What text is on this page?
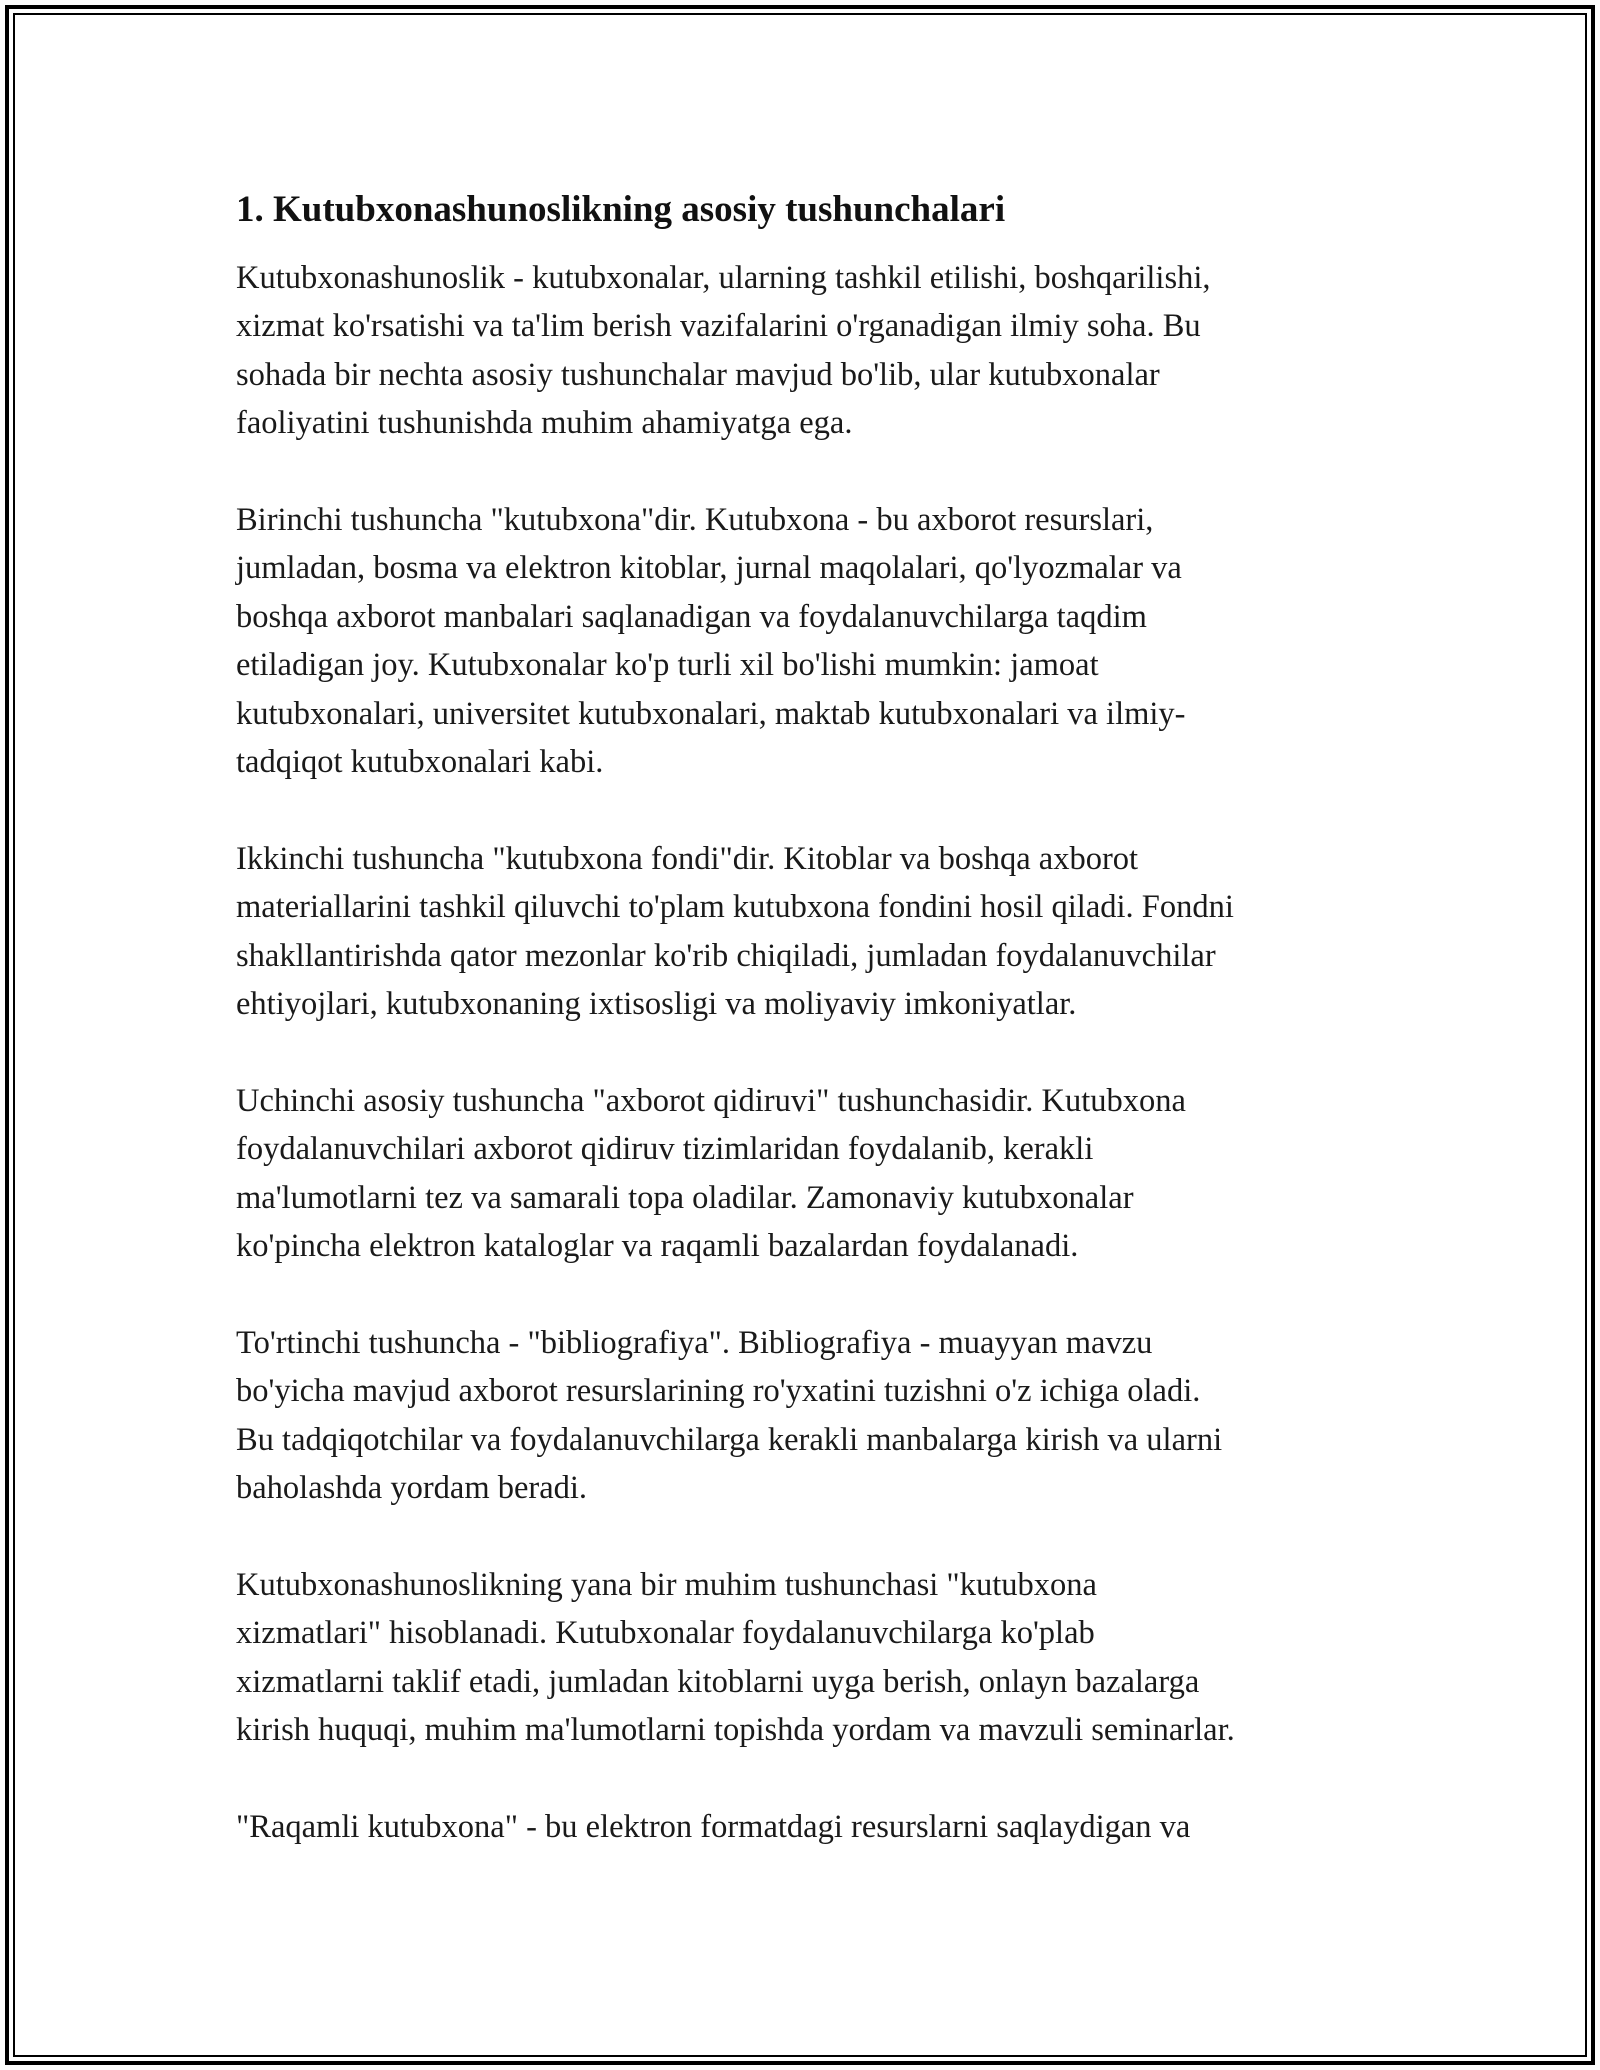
1. Kutubxonashunoslikning asosiy tushunchalari

Kutubxonashunoslik - kutubxonalar, ularning tashkil etilishi, boshqarilishi,
xizmat ko'rsatishi va ta'lim berish vazifalarini o'rganadigan ilmiy soha. Bu
sohada bir nechta asosiy tushunchalar mavjud bo'lib, ular kutubxonalar
faoliyatini tushunishda muhim ahamiyatga ega.

Birinchi tushuncha "kutubxona"dir. Kutubxona - bu axborot resurslari,
jumladan, bosma va elektron kitoblar, jurnal maqolalari, qo'lyozmalar va
boshqa axborot manbalari saqlanadigan va foydalanuvchilarga taqdim
etiladigan joy. Kutubxonalar ko'p turli xil bo'lishi mumkin: jamoat
kutubxonalari, universitet kutubxonalari, maktab kutubxonalari va ilmiy-
tadqiqot kutubxonalari kabi.

Ikkinchi tushuncha "kutubxona fondi"dir. Kitoblar va boshqa axborot
materiallarini tashkil qiluvchi to'plam kutubxona fondini hosil qiladi. Fondni
shakllantirishda qator mezonlar ko'rib chiqiladi, jumladan foydalanuvchilar
ehtiyojlari, kutubxonaning ixtisosligi va moliyaviy imkoniyatlar.

Uchinchi asosiy tushuncha "axborot qidiruvi" tushunchasidir. Kutubxona
foydalanuvchilari axborot qidiruv tizimlaridan foydalanib, kerakli
ma'lumotlarni tez va samarali topa oladilar. Zamonaviy kutubxonalar
ko'pincha elektron kataloglar va raqamli bazalardan foydalanadi.

To'rtinchi tushuncha - "bibliografiya". Bibliografiya - muayyan mavzu
bo'yicha mavjud axborot resurslarining ro'yxatini tuzishni o'z ichiga oladi.
Bu tadqiqotchilar va foydalanuvchilarga kerakli manbalarga kirish va ularni
baholashda yordam beradi.

Kutubxonashunoslikning yana bir muhim tushunchasi "kutubxona
xizmatlari" hisoblanadi. Kutubxonalar foydalanuvchilarga ko'plab
xizmatlarni taklif etadi, jumladan kitoblarni uyga berish, onlayn bazalarga
kirish huquqi, muhim ma'lumotlarni topishda yordam va mavzuli seminarlar.

"Raqamli kutubxona" - bu elektron formatdagi resurslarni saqlaydigan va
